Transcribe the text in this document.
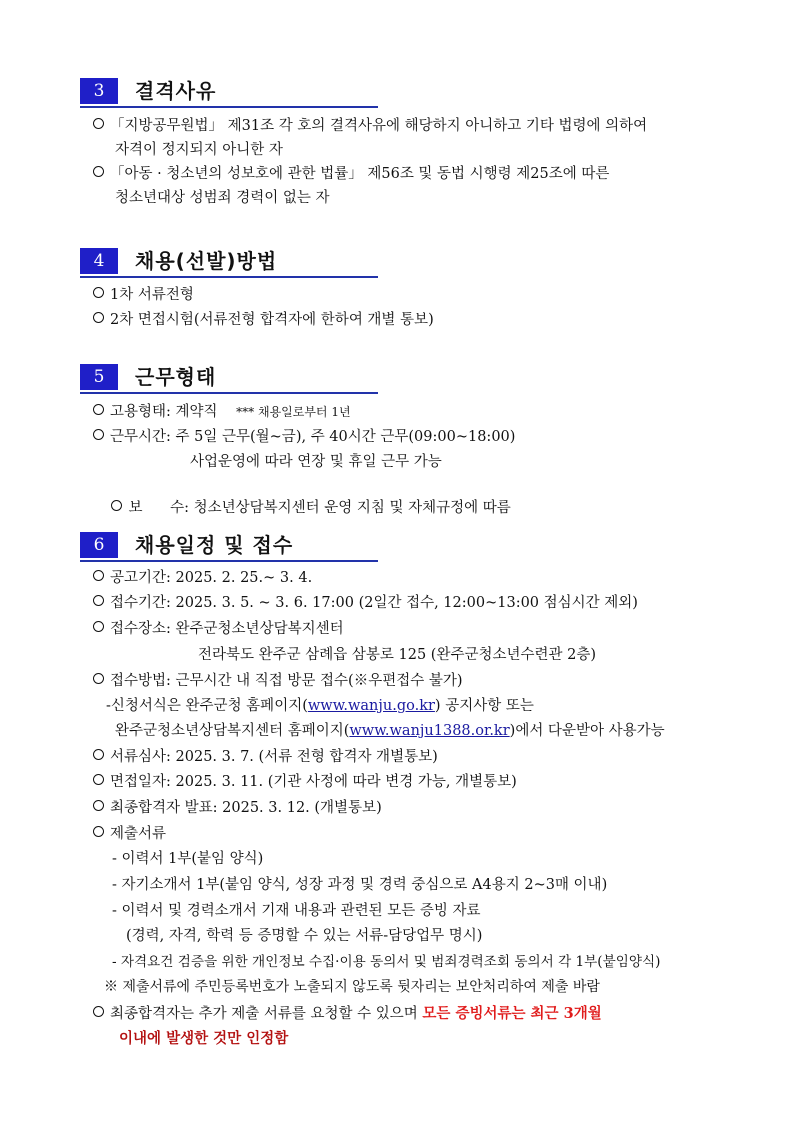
3	결격사유
「지방공무원법」 제31조 각 호의 결격사유에 해당하지 아니하고 기타 법령에 의하여
자격이 정지되지 아니한 자
「아동 · 청소년의 성보호에 관한 법률」 제56조 및 동법 시행령 제25조에 따른
청소년대상 성범죄 경력이 없는 자
4	채용(선발)방법
1차 서류전형
2차 면접시험(서류전형 합격자에 한하여 개별 통보)
5	근무형태
고용형태: 계약직 *** 채용일로부터 1년
근무시간: 주 5일 근무(월~금), 주 40시간 근무(09:00~18:00)
사업운영에 따라 연장 및 휴일 근무 가능

보      수: 청소년상담복지센터 운영 지침 및 자체규정에 따름

6	채용일정 및 접수
공고기간: 2025. 2. 25.~ 3. 4.
접수기간: 2025. 3. 5. ~ 3. 6. 17:00 (2일간 접수, 12:00~13:00 점심시간 제외)
접수장소: 완주군청소년상담복지센터
전라북도 완주군 삼례읍 삼봉로 125 (완주군청소년수련관 2층)
접수방법: 근무시간 내 직접 방문 접수(※우편접수 불가)
-신청서식은 완주군청 홈페이지(www.wanju.go.kr) 공지사항 또는
완주군청소년상담복지센터 홈페이지(www.wanju1388.or.kr)에서 다운받아 사용가능
서류심사: 2025. 3. 7. (서류 전형 합격자 개별통보)
면접일자: 2025. 3. 11. (기관 사정에 따라 변경 가능, 개별통보)
최종합격자 발표: 2025. 3. 12. (개별통보)
제출서류
- 이력서 1부(붙임 양식)
- 자기소개서 1부(붙임 양식, 성장 과정 및 경력 중심으로 A4용지 2~3매 이내)
- 이력서 및 경력소개서 기재 내용과 관련된 모든 증빙 자료
(경력, 자격, 학력 등 증명할 수 있는 서류-담당업무 명시)
- 자격요건 검증을 위한 개인정보 수집·이용 동의서 및 범죄경력조회 동의서 각 1부(붙임양식)
※ 제출서류에 주민등록번호가 노출되지 않도록 뒷자리는 보안처리하여 제출 바람
최종합격자는 추가 제출 서류를 요청할 수 있으며 모든 증빙서류는 최근 3개월
이내에 발생한 것만 인정함
